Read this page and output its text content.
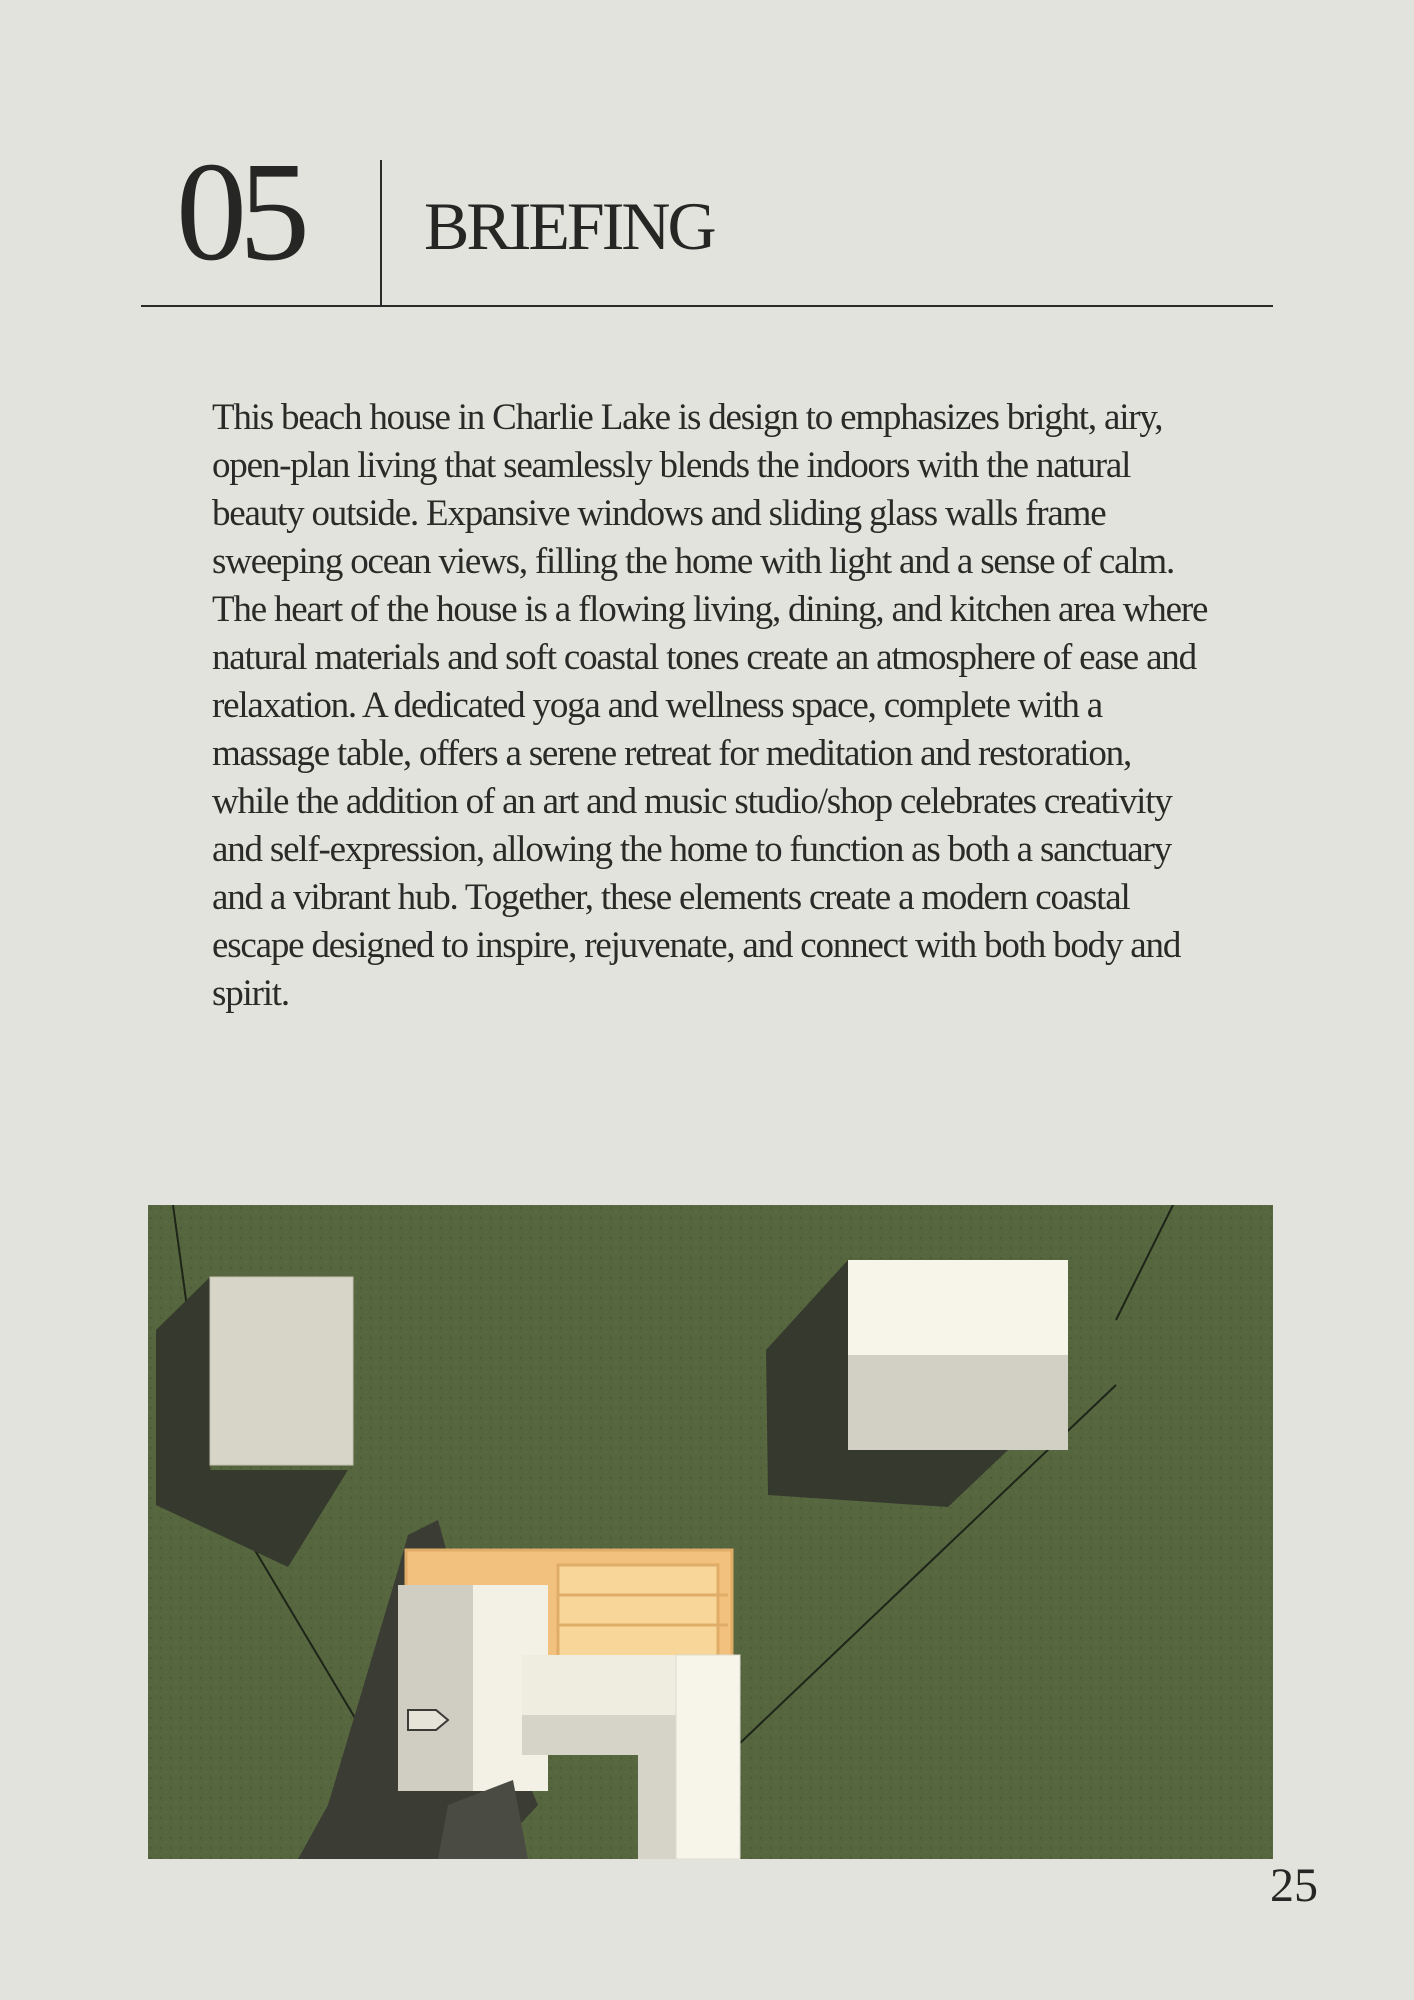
05 BRIEFING

This beach house in Charlie Lake is design to emphasizes bright, airy, open-plan living that seamlessly blends the indoors with the natural beauty outside. Expansive windows and sliding glass walls frame sweeping ocean views, filling the home with light and a sense of calm. The heart of the house is a flowing living, dining, and kitchen area where natural materials and soft coastal tones create an atmosphere of ease and relaxation. A dedicated yoga and wellness space, complete with a massage table, offers a serene retreat for meditation and restoration, while the addition of an art and music studio/shop celebrates creativity and self-expression, allowing the home to function as both a sanctuary and a vibrant hub. Together, these elements create a modern coastal escape designed to inspire, rejuvenate, and connect with both body and spirit.

25
